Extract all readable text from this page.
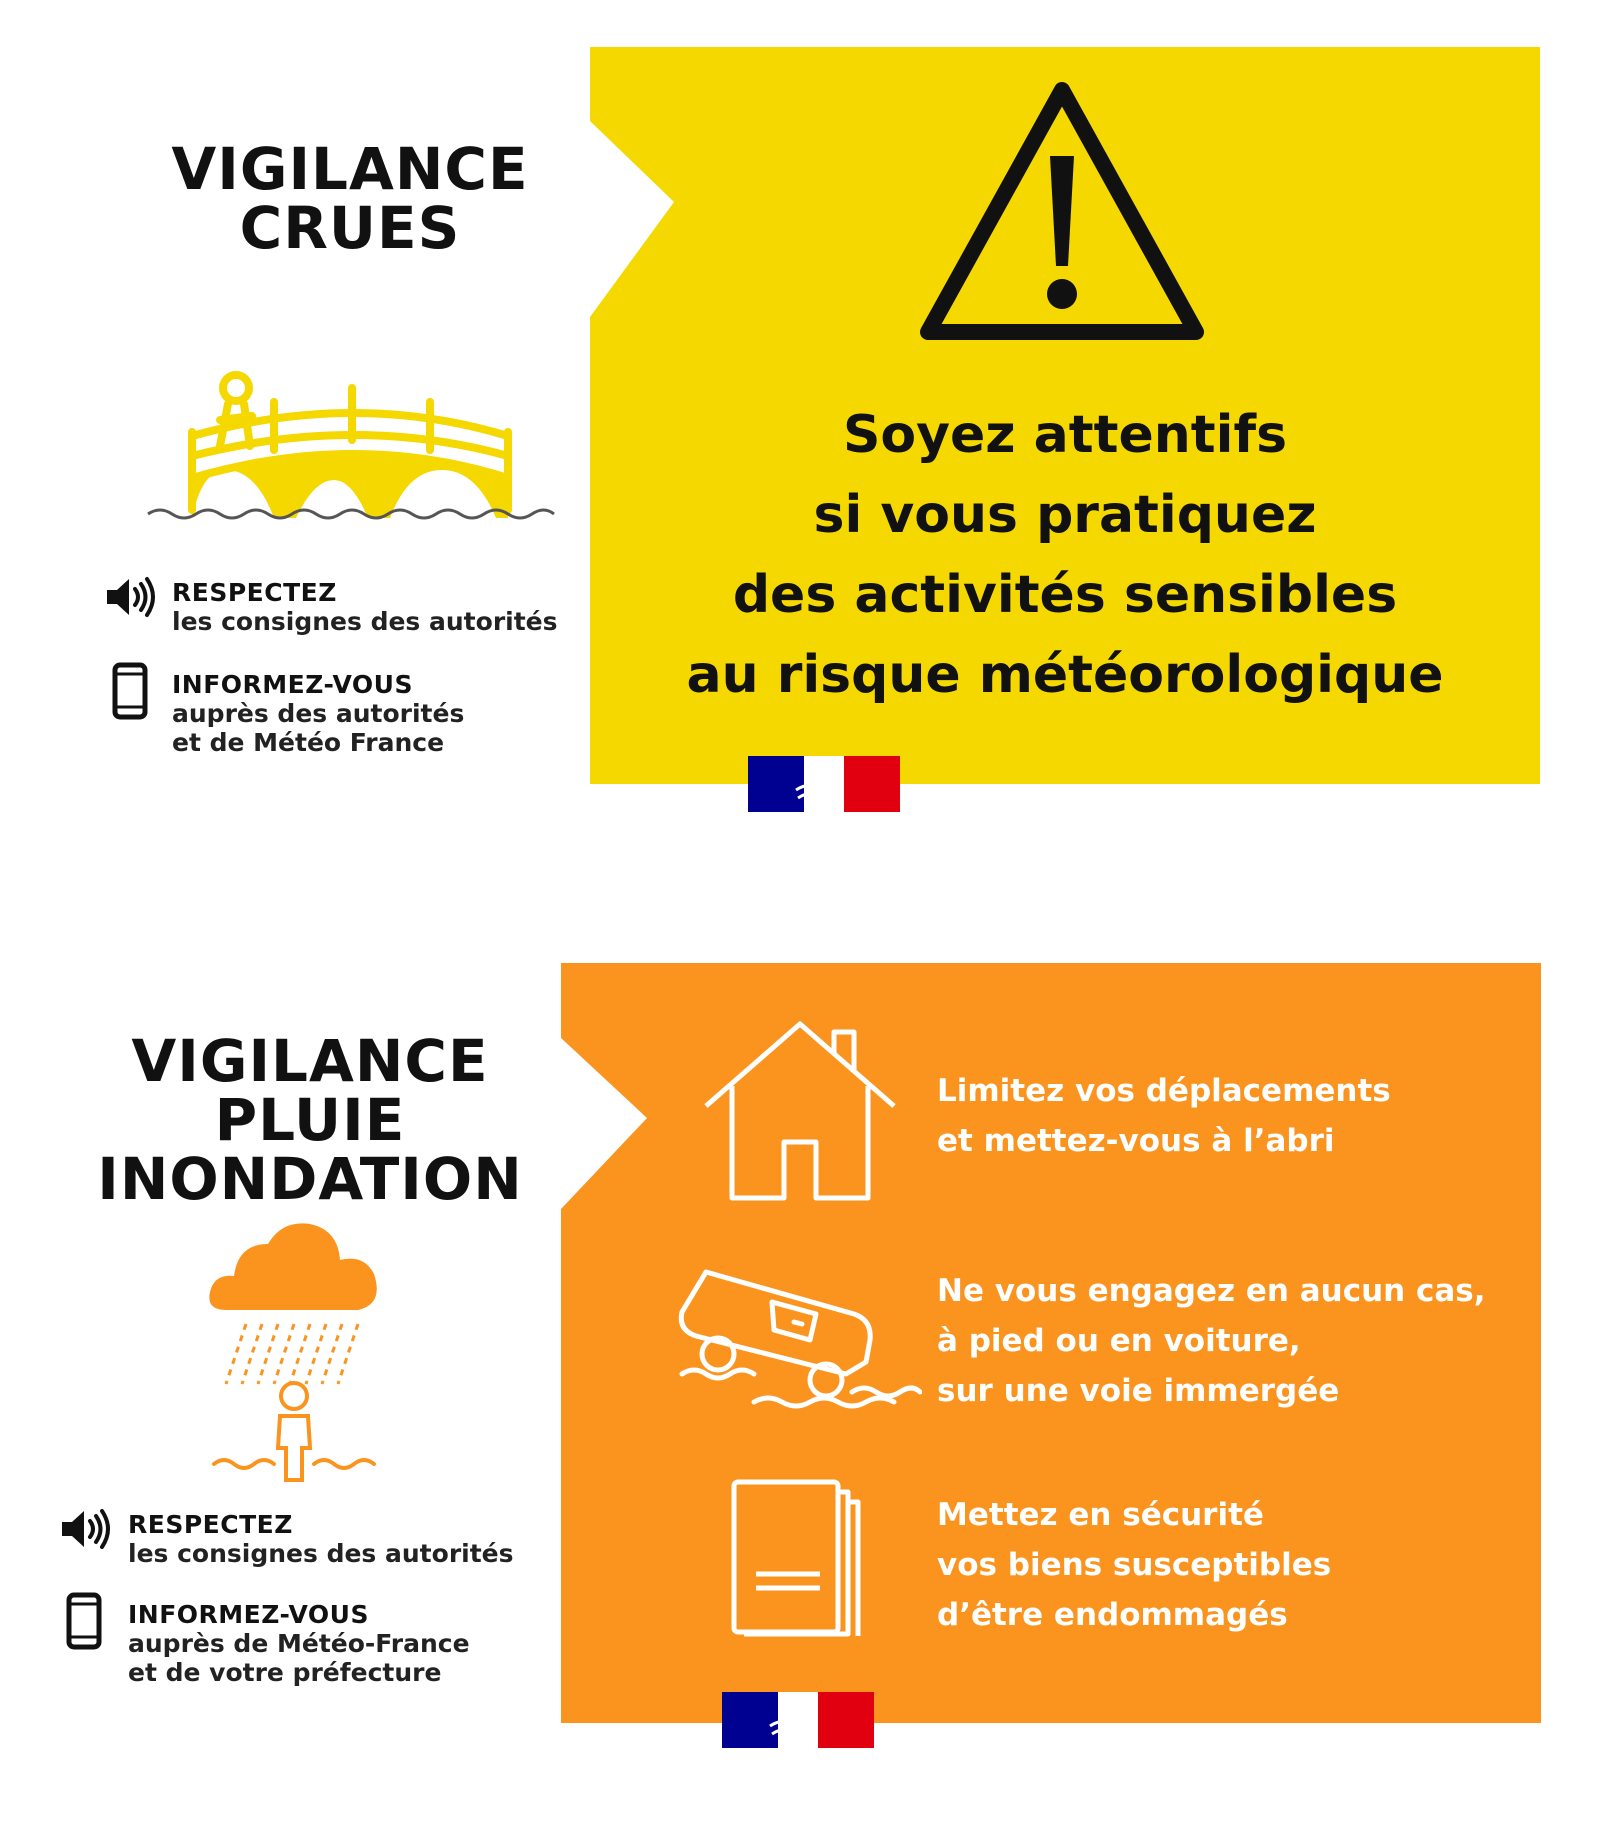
VIGILANCE
CRUES
Soyez attentifs
si vous pratiquez
des activités sensibles
au risque météorologique
RESPECTEZ
les consignes des autorités
INFORMEZ-VOUS
auprès des autorités
et de Météo France
VIGILANCE
PLUIE
INONDATION
RESPECTEZ
les consignes des autorités
INFORMEZ-VOUS
auprès de Météo-France
et de votre préfecture
Limitez vos déplacements
et mettez-vous à l’abri
Ne vous engagez en aucun cas,
à pied ou en voiture,
sur une voie immergée
Mettez en sécurité
vos biens susceptibles
d’être endommagés
